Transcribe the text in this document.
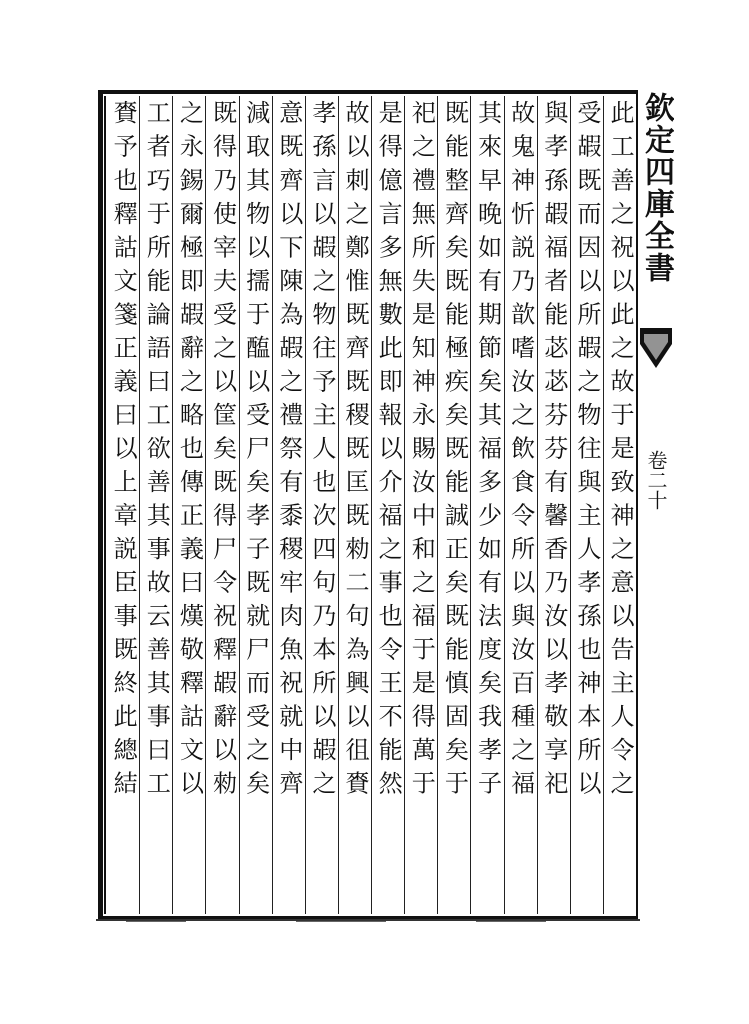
欽定四庫全書
卷二十
此工善之祝以此之故于是致神之意以告主人令之
受嘏既而因以所嘏之物往與主人孝孫也神本所以
與孝孫嘏福者能苾苾芬芬有馨香乃汝以孝敬享祀
故鬼神忻説乃歆嗜汝之飲食令所以與汝百種之福
其來早晚如有期節矣其福多少如有法度矣我孝子
既能整齊矣既能極疾矣既能誠正矣既能慎固矣于
祀之禮無所失是知神永賜汝中和之福于是得萬于
是得億言多無數此即報以介福之事也令王不能然
故以刺之鄭惟既齊既稷既匡既勑二句為興以徂賚
孝孫言以嘏之物往予主人也次四句乃本所以嘏之
意既齊以下陳為嘏之禮祭有黍稷牢肉魚祝就中齊
減取其物以擩于醢以受尸矣孝子既就尸而受之矣
既得乃使宰夫受之以筐矣既得尸令祝釋嘏辭以勑
之永錫爾極即嘏辭之略也傳正義曰熯敬釋詁文以
工者巧于所能論語曰工欲善其事故云善其事曰工
賚予也釋詁文箋正義曰以上章説臣事既終此總結
